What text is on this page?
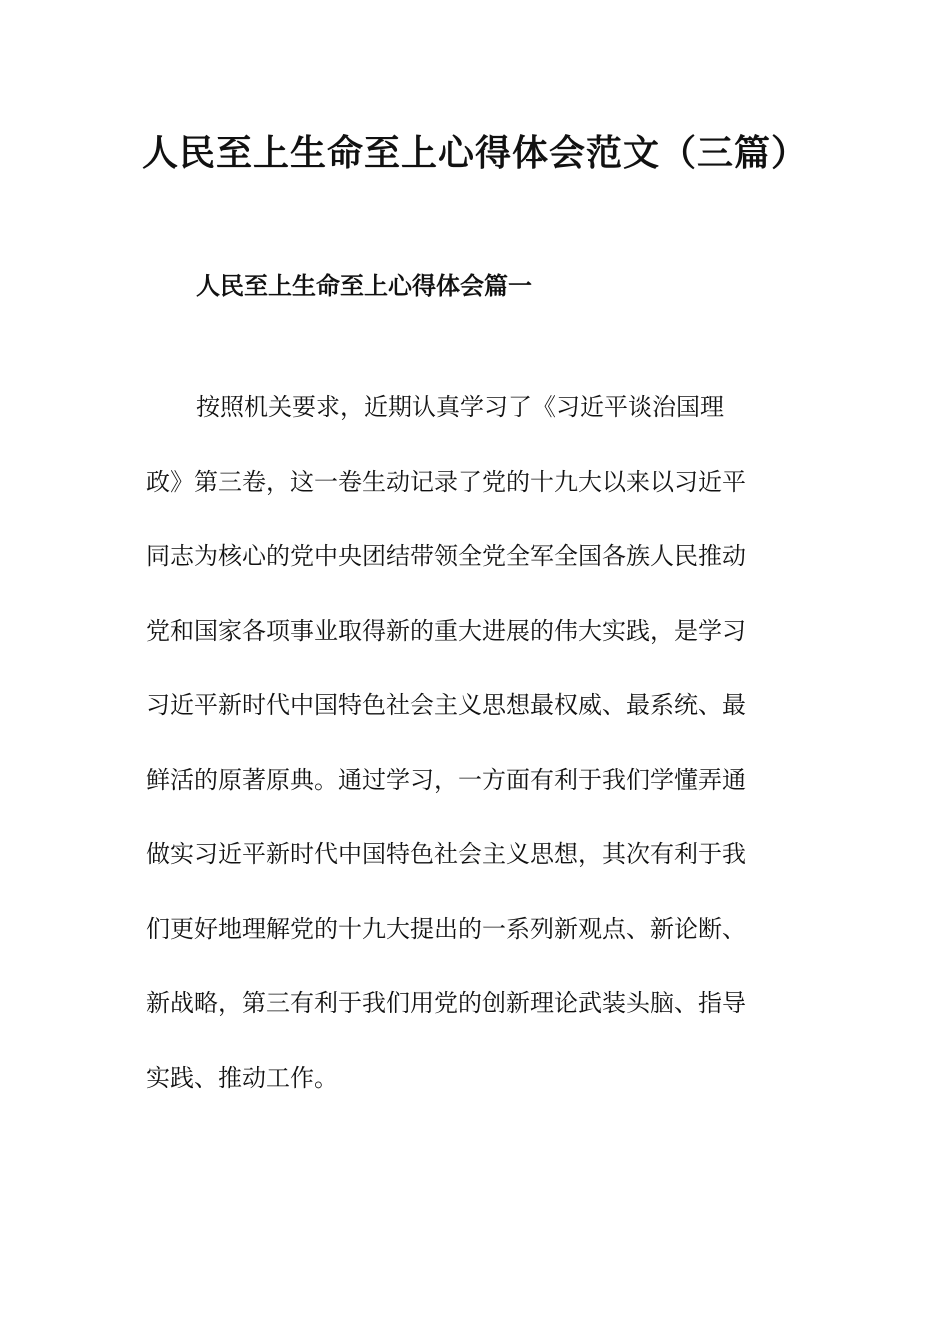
人民至上生命至上心得体会范文（三篇）
人民至上生命至上心得体会篇一
按照机关要求，近期认真学习了《习近平谈治国理
政》第三卷，这一卷生动记录了党的十九大以来以习近平
同志为核心的党中央团结带领全党全军全国各族人民推动
党和国家各项事业取得新的重大进展的伟大实践，是学习
习近平新时代中国特色社会主义思想最权威、最系统、最
鲜活的原著原典。通过学习，一方面有利于我们学懂弄通
做实习近平新时代中国特色社会主义思想，其次有利于我
们更好地理解党的十九大提出的一系列新观点、新论断、
新战略，第三有利于我们用党的创新理论武装头脑、指导
实践、推动工作。
